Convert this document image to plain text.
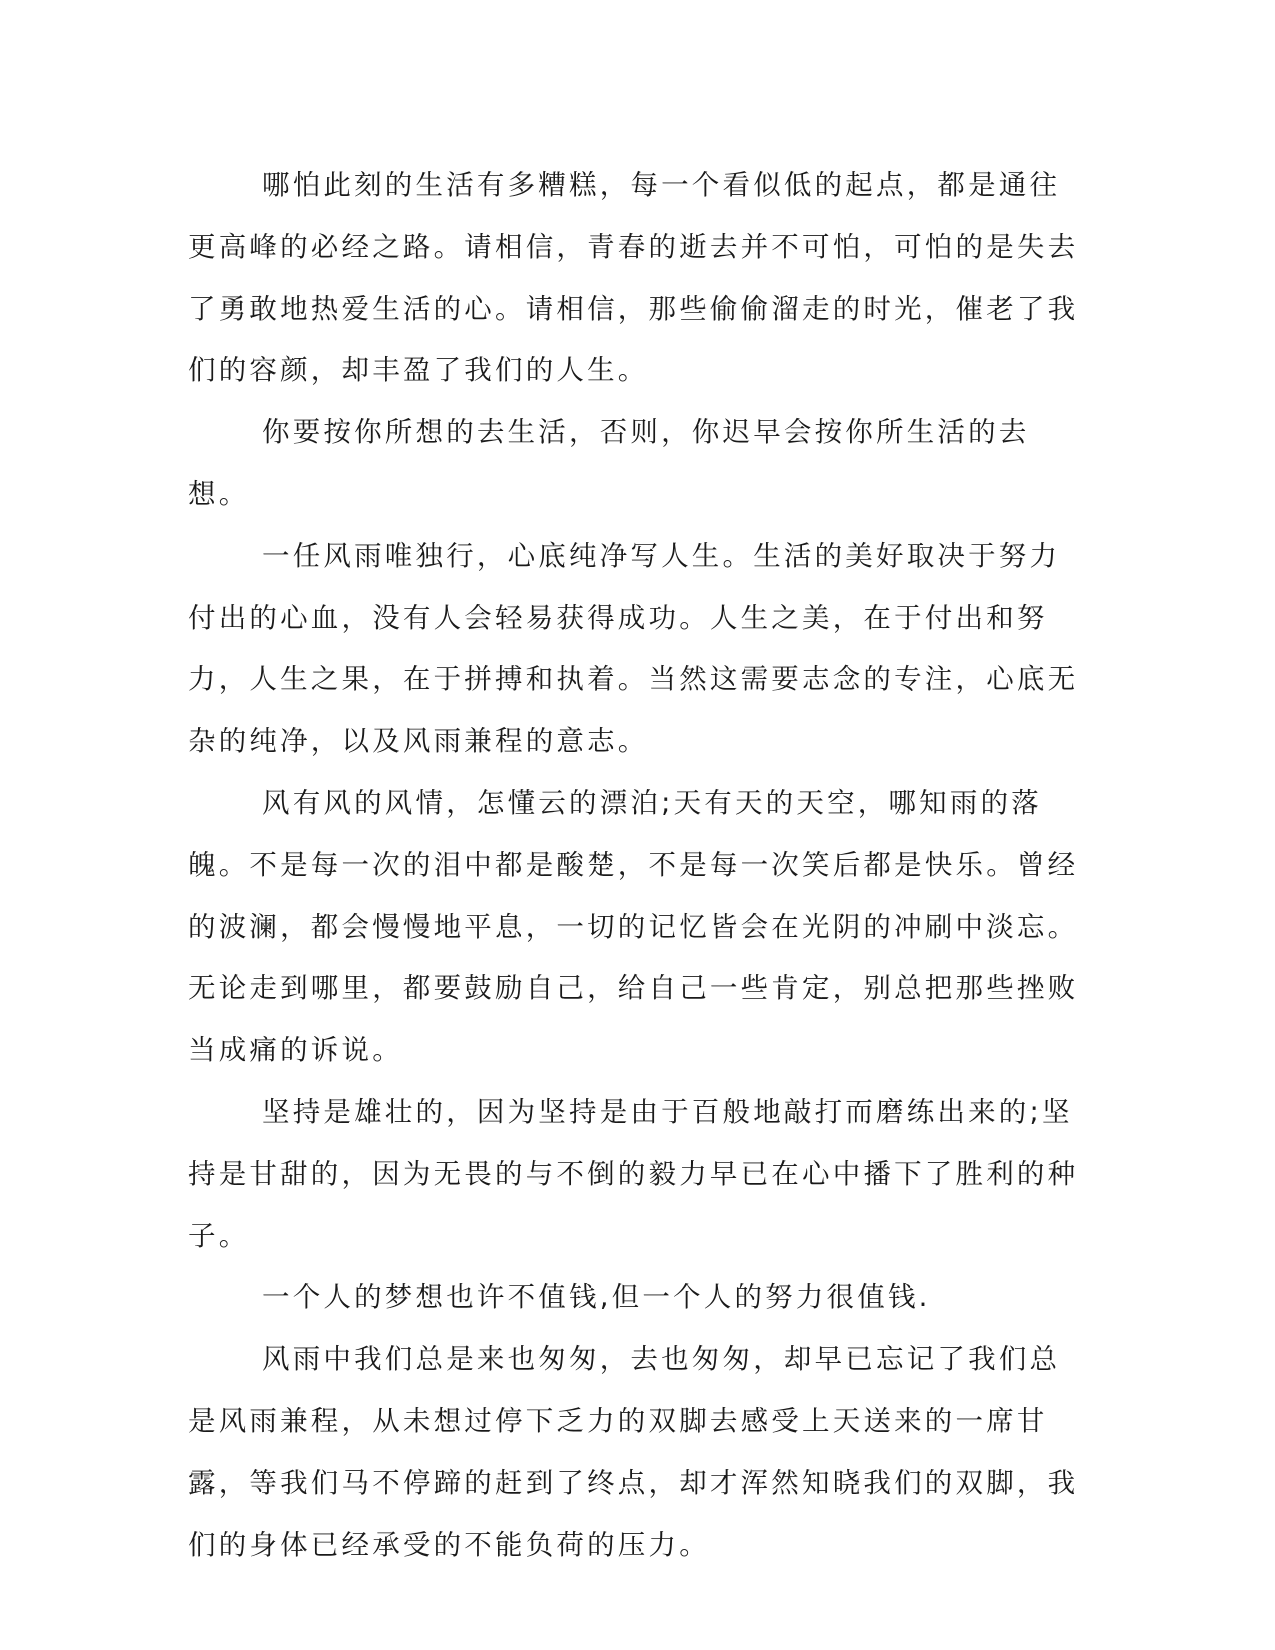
哪怕此刻的生活有多糟糕，每一个看似低的起点，都是通往更高峰的必经之路。请相信，青春的逝去并不可怕，可怕的是失去了勇敢地热爱生活的心。请相信，那些偷偷溜走的时光，催老了我们的容颜，却丰盈了我们的人生。

你要按你所想的去生活，否则，你迟早会按你所生活的去想。

一任风雨唯独行，心底纯净写人生。生活的美好取决于努力付出的心血，没有人会轻易获得成功。人生之美，在于付出和努力，人生之果，在于拼搏和执着。当然这需要志念的专注，心底无杂的纯净，以及风雨兼程的意志。

风有风的风情，怎懂云的漂泊;天有天的天空，哪知雨的落魄。不是每一次的泪中都是酸楚，不是每一次笑后都是快乐。曾经的波澜，都会慢慢地平息，一切的记忆皆会在光阴的冲刷中淡忘。无论走到哪里，都要鼓励自己，给自己一些肯定，别总把那些挫败当成痛的诉说。

坚持是雄壮的，因为坚持是由于百般地敲打而磨练出来的;坚持是甘甜的，因为无畏的与不倒的毅力早已在心中播下了胜利的种子。

一个人的梦想也许不值钱,但一个人的努力很值钱.

风雨中我们总是来也匆匆，去也匆匆，却早已忘记了我们总是风雨兼程，从未想过停下乏力的双脚去感受上天送来的一席甘露，等我们马不停蹄的赶到了终点，却才浑然知晓我们的双脚，我们的身体已经承受的不能负荷的压力。
